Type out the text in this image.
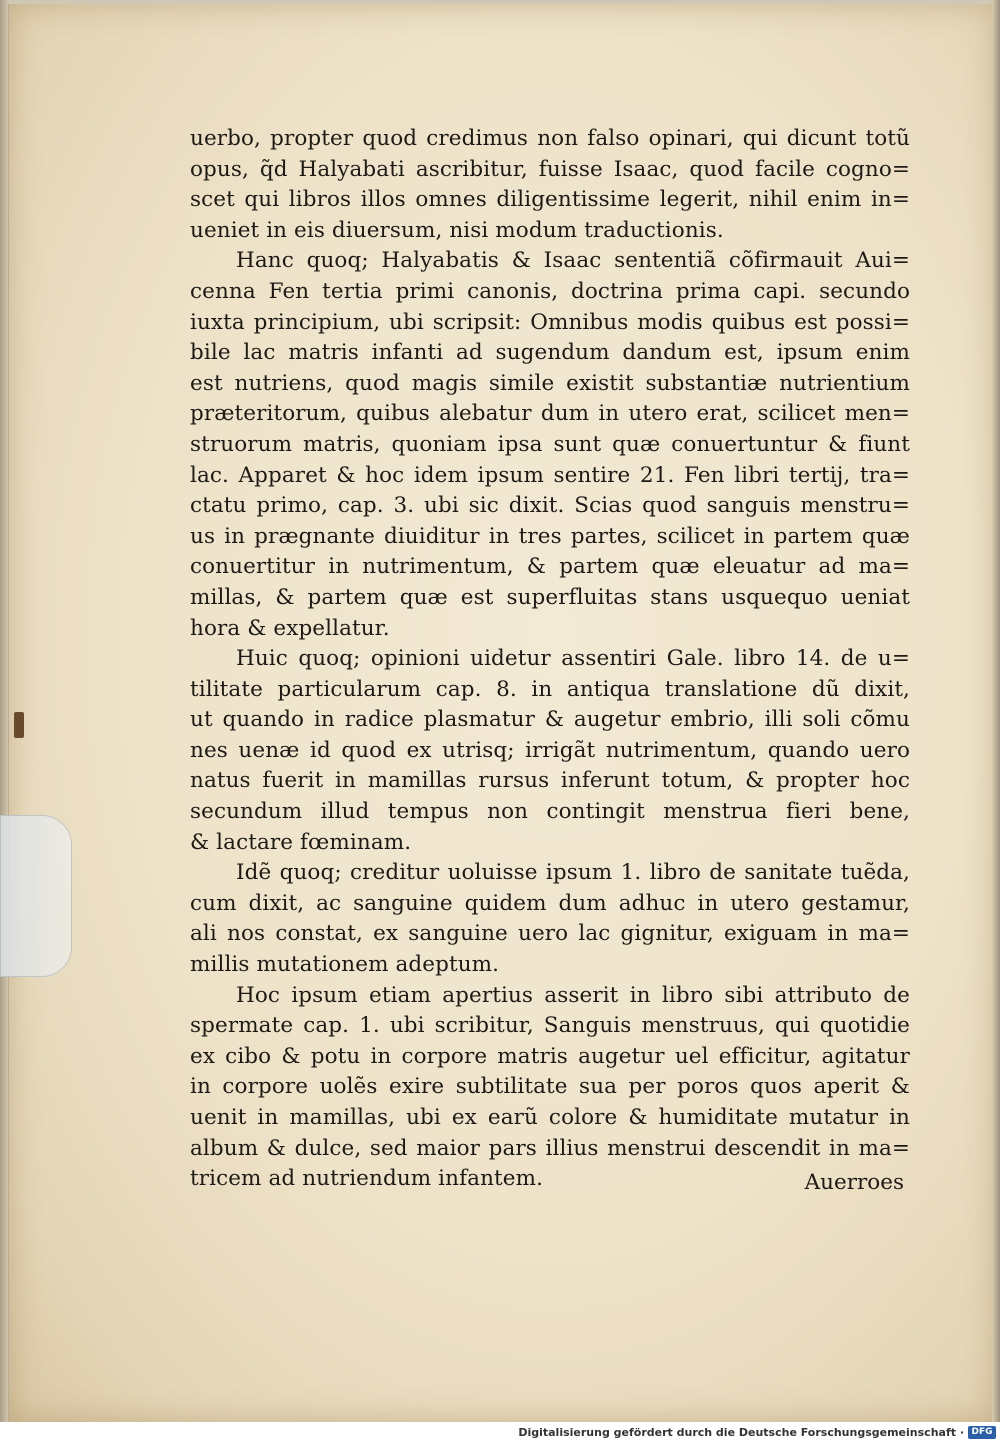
uerbo, propter quod credimus non falso opinari, qui dicunt totũ
opus, q̃d Halyabati ascribitur, fuisse Isaac, quod facile cogno=
scet qui libros illos omnes diligentissime legerit, nihil enim in=
ueniet in eis diuersum, nisi modum traductionis.
Hanc quoq; Halyabatis & Isaac sententiã cõfirmauit Aui=
cenna Fen tertia primi canonis, doctrina prima capi. secundo
iuxta principium, ubi scripsit: Omnibus modis quibus est possi=
bile lac matris infanti ad sugendum dandum est, ipsum enim
est nutriens, quod magis simile existit substantiæ nutrientium
præteritorum, quibus alebatur dum in utero erat, scilicet men=
struorum matris, quoniam ipsa sunt quæ conuertuntur & fiunt
lac. Apparet & hoc idem ipsum sentire 21. Fen libri tertij, tra=
ctatu primo, cap. 3. ubi sic dixit. Scias quod sanguis menstru=
us in prægnante diuiditur in tres partes, scilicet in partem quæ
conuertitur in nutrimentum, & partem quæ eleuatur ad ma=
millas, & partem quæ est superfluitas stans usquequo ueniat
hora & expellatur.
Huic quoq; opinioni uidetur assentiri Gale. libro 14. de u=
tilitate particularum cap. 8. in antiqua translatione dũ dixit,
ut quando in radice plasmatur & augetur embrio, illi soli cõmu
nes uenæ id quod ex utrisq; irrigãt nutrimentum, quando uero
natus fuerit in mamillas rursus inferunt totum, & propter hoc
secundum illud tempus non contingit menstrua fieri bene,
& lactare fœminam.
Idẽ quoq; creditur uoluisse ipsum 1. libro de sanitate tuẽda,
cum dixit, ac sanguine quidem dum adhuc in utero gestamur,
ali nos constat, ex sanguine uero lac gignitur, exiguam in ma=
millis mutationem adeptum.
Hoc ipsum etiam apertius asserit in libro sibi attributo de
spermate cap. 1. ubi scribitur, Sanguis menstruus, qui quotidie
ex cibo & potu in corpore matris augetur uel efficitur, agitatur
in corpore uolẽs exire subtilitate sua per poros quos aperit &
uenit in mamillas, ubi ex earũ colore & humiditate mutatur in
album & dulce, sed maior pars illius menstrui descendit in ma=
tricem ad nutriendum infantem.	Auerroes
Digitalisierung gefördert durch die Deutsche Forschungsgemeinschaft · DFG
